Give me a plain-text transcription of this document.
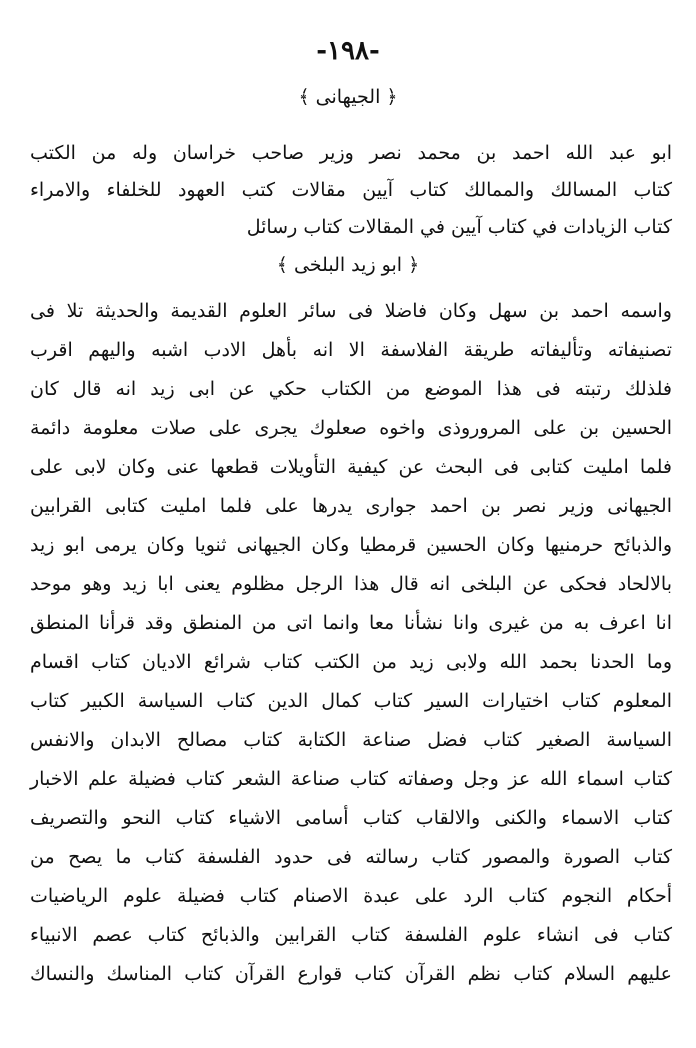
-١٩٨-
﴿ الجيهانى ﴾
ابو عبد الله احمد بن محمد نصر وزير صاحب خراسان وله من الكتب
كتاب المسالك والممالك كتاب آيين مقالات كتب العهود للخلفاء والامراء
كتاب الزيادات في كتاب آيين في المقالات كتاب رسائل
﴿ ابو زيد البلخى ﴾
واسمه احمد بن سهل وكان فاضلا فى سائر العلوم القديمة والحديثة تلا فى
تصنيفاته وتأليفاته طريقة الفلاسفة الا انه بأهل الادب اشبه واليهم اقرب
فلذلك رتبته فى هذا الموضع من الكتاب حكي عن ابى زيد انه قال كان
الحسين بن على المروروذى واخوه صعلوك يجرى على صلات معلومة دائمة
فلما امليت كتابى فى البحث عن كيفية التأويلات قطعها عنى وكان لابى على
الجيهانى وزير نصر بن احمد جوارى يدرها على فلما امليت كتابى القرابين
والذبائح حرمنيها وكان الحسين قرمطيا وكان الجيهانى ثنويا وكان يرمى ابو زيد
بالالحاد فحكى عن البلخى انه قال هذا الرجل مظلوم يعنى ابا زيد وهو موحد
انا اعرف به من غيرى وانا نشأنا معا وانما اتى من المنطق وقد قرأنا المنطق
وما الحدنا بحمد الله ولابى زيد من الكتب كتاب شرائع الاديان كتاب اقسام
المعلوم كتاب اختيارات السير كتاب كمال الدين كتاب السياسة الكبير كتاب
السياسة الصغير كتاب فضل صناعة الكتابة كتاب مصالح الابدان والانفس
كتاب اسماء الله عز وجل وصفاته كتاب صناعة الشعر كتاب فضيلة علم الاخبار
كتاب الاسماء والكنى والالقاب كتاب أسامى الاشياء كتاب النحو والتصريف
كتاب الصورة والمصور كتاب رسالته فى حدود الفلسفة كتاب ما يصح من
أحكام النجوم كتاب الرد على عبدة الاصنام كتاب فضيلة علوم الرياضيات
كتاب فى انشاء علوم الفلسفة كتاب القرابين والذبائح كتاب عصم الانبياء
عليهم السلام كتاب نظم القرآن كتاب قوارع القرآن كتاب المناسك والنساك
